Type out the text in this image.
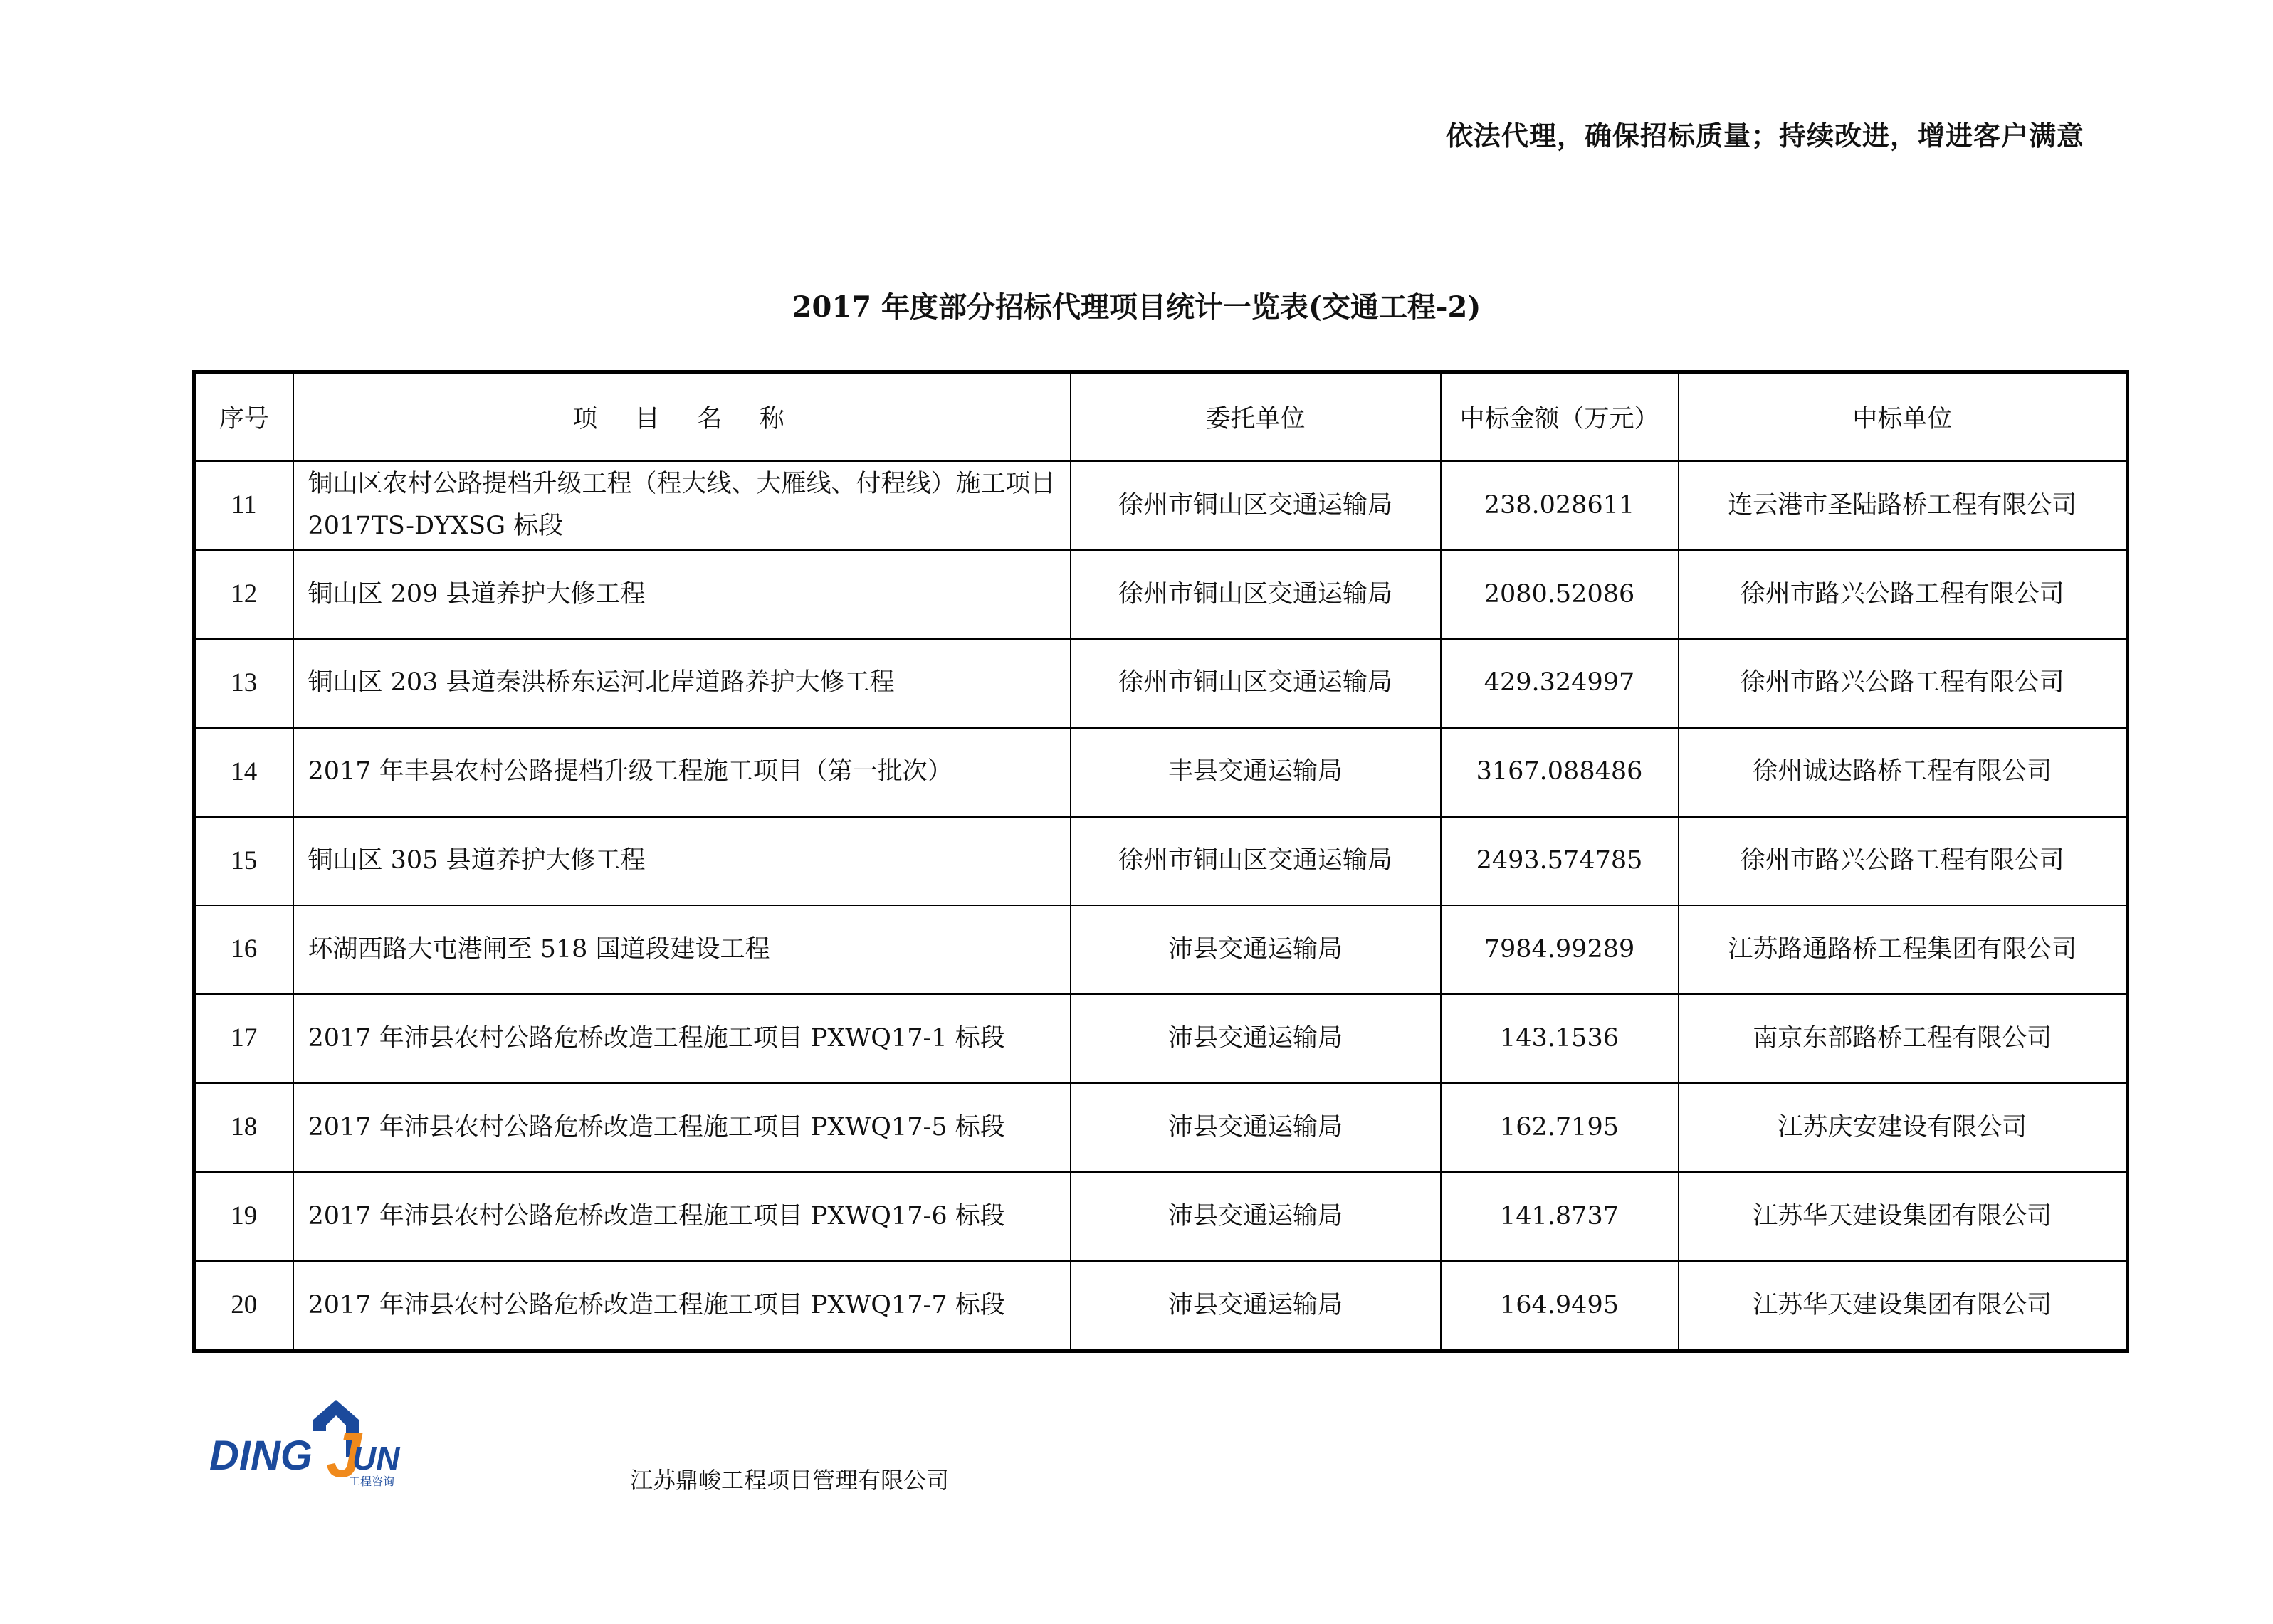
依法代理，确保招标质量；持续改进，增进客户满意
2017 年度部分招标代理项目统计一览表(交通工程-2)
序号	项　目　名　称	委托单位	中标金额（万元）	中标单位
11	铜山区农村公路提档升级工程（程大线、大雁线、付程线）施工项目 2017TS-DYXSG 标段	徐州市铜山区交通运输局	238.028611	连云港市圣陆路桥工程有限公司
12	铜山区 209 县道养护大修工程	徐州市铜山区交通运输局	2080.52086	徐州市路兴公路工程有限公司
13	铜山区 203 县道秦洪桥东运河北岸道路养护大修工程	徐州市铜山区交通运输局	429.324997	徐州市路兴公路工程有限公司
14	2017 年丰县农村公路提档升级工程施工项目（第一批次）	丰县交通运输局	3167.088486	徐州诚达路桥工程有限公司
15	铜山区 305 县道养护大修工程	徐州市铜山区交通运输局	2493.574785	徐州市路兴公路工程有限公司
16	环湖西路大屯港闸至 518 国道段建设工程	沛县交通运输局	7984.99289	江苏路通路桥工程集团有限公司
17	2017 年沛县农村公路危桥改造工程施工项目 PXWQ17-1 标段	沛县交通运输局	143.1536	南京东部路桥工程有限公司
18	2017 年沛县农村公路危桥改造工程施工项目 PXWQ17-5 标段	沛县交通运输局	162.7195	江苏庆安建设有限公司
19	2017 年沛县农村公路危桥改造工程施工项目 PXWQ17-6 标段	沛县交通运输局	141.8737	江苏华天建设集团有限公司
20	2017 年沛县农村公路危桥改造工程施工项目 PXWQ17-7 标段	沛县交通运输局	164.9495	江苏华天建设集团有限公司
DING J
UN
工程咨询	江苏鼎峻工程项目管理有限公司
